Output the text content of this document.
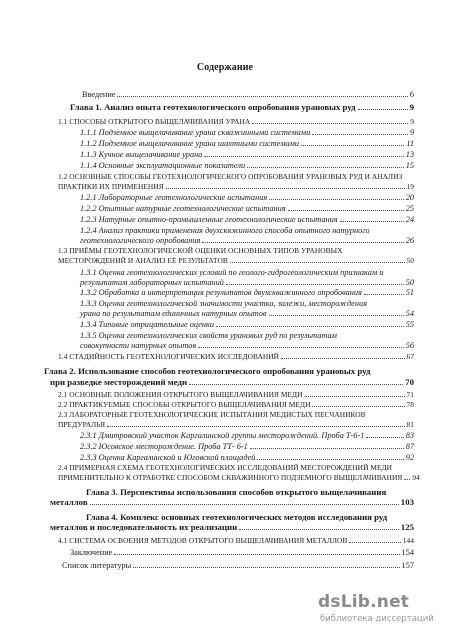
Содержание
Введение	6
Глава 1. Анализ опыта геотехнологического опробования урановых руд	9
1.1 СПОСОБЫ ОТКРЫТОГО ВЫЩЕЛАЧИВАНИЯ УРАНА	9
1.1.1 Подземное выщелачивание урана скважинными системами	9
1.1.2 Подземное выщелачивание урана шахтными системами	11
1.1.3 Кучное выщелачивание урана	13
1.1.4 Основные эксплуатационные показатели	15
1.2 ОСНОВНЫЕ СПОСОБЫ ГЕОТЕХНОЛОГИЧЕСКОГО ОПРОБОВАНИЯ УРАНОВЫХ РУД И АНАЛИЗ
ПРАКТИКИ ИХ ПРИМЕНЕНИЯ	19
1.2.1 Лабораторные геотехнологические испытания	20
1.2.2 Опытные натурные геотехнологические испытания	25
1.2.3 Натурные опытно-промышленные геотехнологические испытания	24
1.2.4 Анализ практики применения двухсквжинного способа опытного натурного
геотехнологического опробования	26
1.3 ПРИЁМЫ ГЕОТЕХНОЛОГИЧЕСКОЙ ОЦЕНКИ ОСНОВНЫХ ТИПОВ УРАНОВЫХ
МЕСТОРОЖДЕНИЙ И АНАЛИЗ ЕЁ РЕЗУЛЬТАТОВ	50
1.3.1 Оценка геотехнологических условий по геолого-гидрогеологическим признакам и
результатам лабораторных испытаний	50
1.3.2 Обработка и интерпретация результатов двухскважинного опробования	51
1.3.3 Оценка геотехнологической значимости участка, залежи, месторождения
урана по результатам единичных натурных опытов	54
1.3.4 Типовые отрицательные оценки	55
1.3.5 Оценка геотехнологических свойств урановых руд по результатам
совокупности натурных опытов	56
1.4 СТАДИЙНОСТЬ ГЕОТЕХНОЛОГИЧЕСКИХ ИССЛЕДОВАНИЙ	67
Глава 2. Использование способов геотехнологического опробования урановых руд
при разведке месторождений меди	70
2.1 ОСНОВНЫЕ ПОЛОЖЕНИЯ ОТКРЫТОГО ВЫЩЕЛАЧИВАНИЯ МЕДИ	71
2.2 ПРАКТИКУЕМЫЕ СПОСОБЫ ОТКРЫТОГО ВЫЩЕЛАЧИВАНИЯ МЕДИ	78
2.3 ЛАБОРАТОРНЫЕ ГЕОТЕХНОЛОГИЧЕСКИЕ ИСПЫТАНИЯ МЕДИСТЫХ ПЕСЧАНИКОВ
ПРЕДУРАЛЬЯ	81
2.3.1 Дмитровский участок Каргалинской группы месторождений. Проба Т-6-1	83
2.3.2 Юсовское месторождение. Проба ТТ- 6-1	87
2.3.3 Оценка Каргалинской и Юговской площадей	92
2.4 ПРИМЕРНАЯ СХЕМА ГЕОТЕХНОЛОГИЧЕСКИХ ИССЛЕДОВАНИЙ МЕСТОРОЖДЕНИЙ МЕДИ
ПРИМЕНИТЕЛЬНО К ОТРАБОТКЕ СПОСОБОМ СКВАЖИННОГО ПОДЗЕМНОГО ВЫЩЕЛАЧИВАНИЯ 94
Глава 3. Перспективы использования способов открытого выщелачивания
металлов	103
Глава 4. Комплекс основных геотехнологических методов исследования руд
металлов и последовательность их реализации	125
4.1 СИСТЕМА ОСВОЕНИЯ МЕТОДОВ ОТКРЫТОГО ВЫЩЕЛАЧИВАНИЯ МЕТАЛЛОВ	144
Заключение	154
Список литературы	157
dsLib.net
библиотека диссертаций
